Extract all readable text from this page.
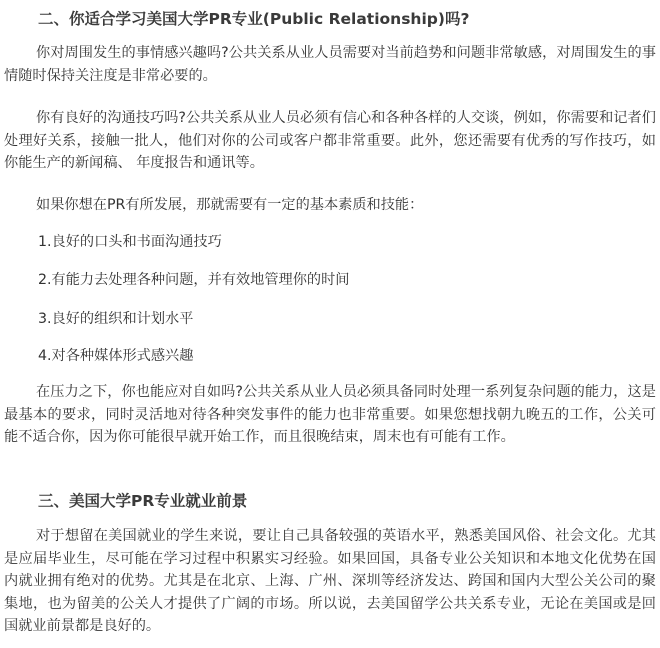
二、你适合学习美国大学PR专业(Public Relationship)吗?
你对周围发生的事情感兴趣吗?公共关系从业人员需要对当前趋势和问题非常敏感，对周围发生的事情随时保持关注度是非常必要的。
你有良好的沟通技巧吗?公共关系从业人员必须有信心和各种各样的人交谈，例如，你需要和记者们处理好关系，接触一批人，他们对你的公司或客户都非常重要。此外，您还需要有优秀的写作技巧，如你能生产的新闻稿、 年度报告和通讯等。
如果你想在PR有所发展，那就需要有一定的基本素质和技能：
1.良好的口头和书面沟通技巧
2.有能力去处理各种问题，并有效地管理你的时间
3.良好的组织和计划水平
4.对各种媒体形式感兴趣
在压力之下，你也能应对自如吗?公共关系从业人员必须具备同时处理一系列复杂问题的能力，这是最基本的要求，同时灵活地对待各种突发事件的能力也非常重要。如果您想找朝九晚五的工作，公关可能不适合你，因为你可能很早就开始工作，而且很晚结束，周末也有可能有工作。
三、美国大学PR专业就业前景
对于想留在美国就业的学生来说，要让自己具备较强的英语水平，熟悉美国风俗、社会文化。尤其是应届毕业生，尽可能在学习过程中积累实习经验。如果回国，具备专业公关知识和本地文化优势在国内就业拥有绝对的优势。尤其是在北京、上海、广州、深圳等经济发达、跨国和国内大型公关公司的聚集地，也为留美的公关人才提供了广阔的市场。所以说，去美国留学公共关系专业，无论在美国或是回国就业前景都是良好的。
